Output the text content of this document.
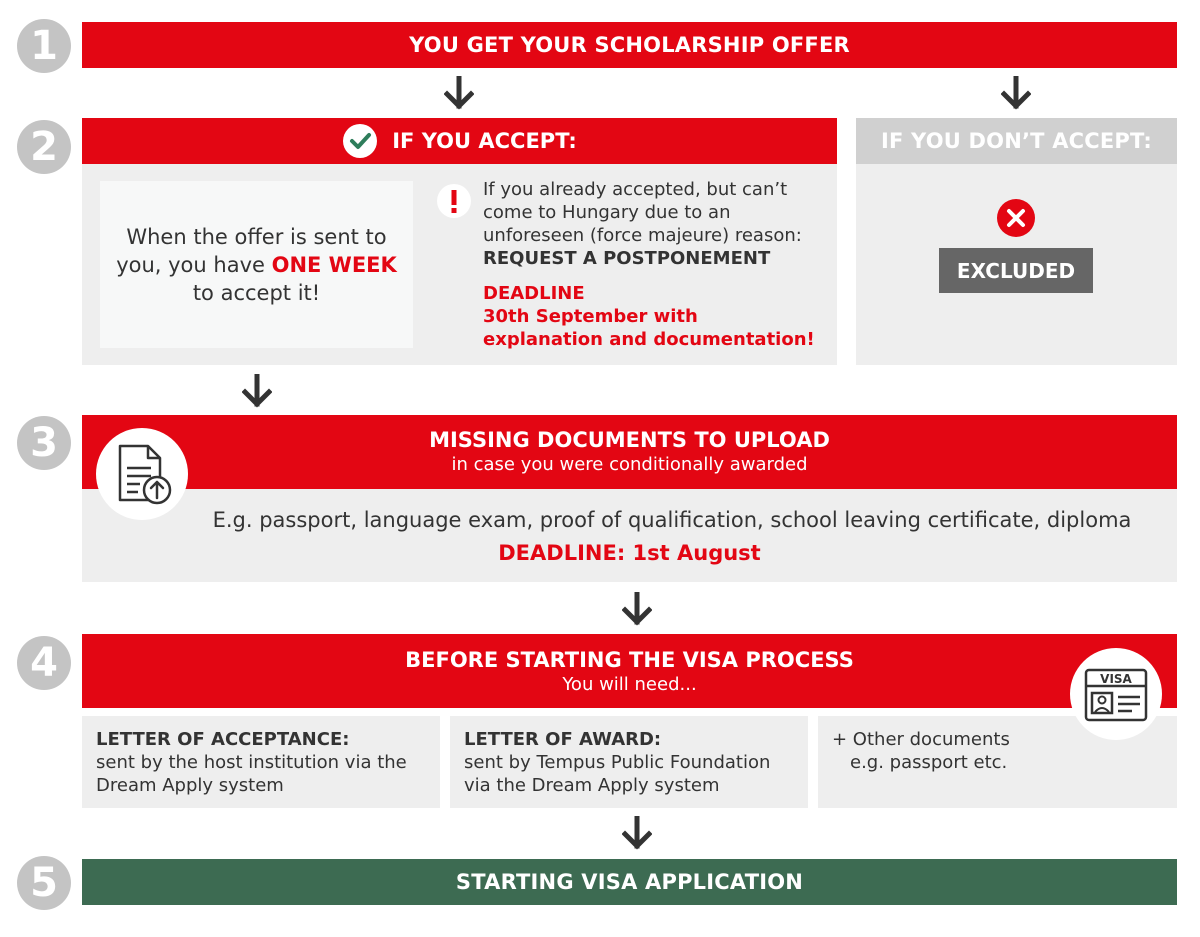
1
2
3
4
5
YOU GET YOUR SCHOLARSHIP OFFER
IF YOU ACCEPT:
When the offer is sent to you, you have ONE WEEK to accept it!
If you already accepted, but can’t come to Hungary due to an unforeseen (force majeure) reason:
REQUEST A POSTPONEMENT
DEADLINE
30th September with explanation and documentation!
IF YOU DON’T ACCEPT:
EXCLUDED
MISSING DOCUMENTS TO UPLOAD
in case you were conditionally awarded
E.g. passport, language exam, proof of qualification, school leaving certificate, diploma
DEADLINE: 1st August
BEFORE STARTING THE VISA PROCESS
You will need...
LETTER OF ACCEPTANCE:
sent by the host institution via the Dream Apply system
LETTER OF AWARD:
sent by Tempus Public Foundation via the Dream Apply system
+ Other documents
e.g. passport etc.
VISA
STARTING VISA APPLICATION
